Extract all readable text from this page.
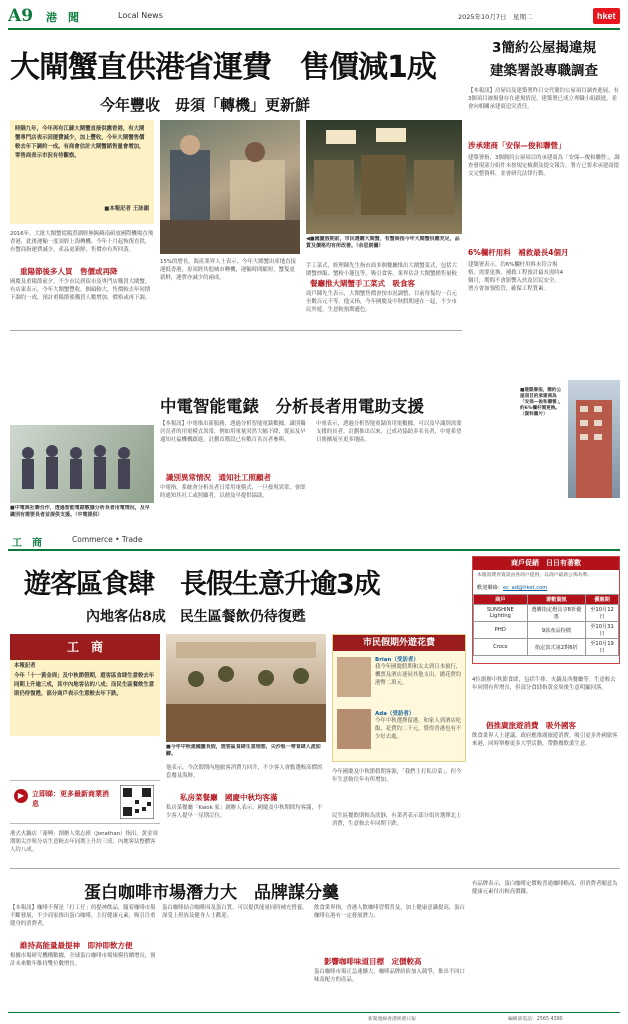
A9 港　聞	Local News	2025年10月7日　星期二	hket
大閘蟹直供港省運費　售價減1成
今年豐收　毋須「轉機」更新鮮
時隔九年，今年再有江蘇大閘蟹直接供應香港，有大閘蟹專門店表示因運費減少，加上豐收，今年大閘蟹售價較去年下調約一成。有商會估計大閘蟹銷售量會增加，零售商表示市況有待觀察。
■本報記者 王詠韻
◀■國慶假期前，市民選購大閘蟹，有蟹商指今年大閘蟹供應充足，品質及價格均有所改善。（余思朗攝）
2016年，大批大閘蟹從陽澄湖經無錫蘇南碩放國際機場直飛香港，此後運輸一度須經上海轉機。今年十月起恢復直供，有蟹商指運費減少，產品更新鮮，售價亦有所回落。
重陽節後多人買　售價或再降
國慶及重陽節前夕，不少市民到街市及專門店購買大閘蟹。有店東表示，今年大閘蟹豐收，個頭較大，售價較去年同期下調約一成，預計重陽節後購買人數增加，價格或再下調。
15%的增長。海產業界人士表示，今年大閘蟹由產地直接運抵香港，毋須經其他城市轉機，運輸時間縮短，蟹隻更新鮮，運費亦減少約兩成。
餐廳推大閘蟹手工菜式　吸食客
手工菜式，經理陳先生指市面多個餐廳推出大閘蟹菜式，包括大閘蟹炒飯、蟹粉小籠包等，吸引食客。業界估計大閘蟹銷售量較
商戶陳先生表示，大閘蟹售價會按市況調整，目前每隻約一百元至數百元不等。他又指，今年國慶及中秋假期連在一起，不少市民外遊，生意較預期遜色。
3簡約公屋揭違規
建築署設專職調查
【本報訊】房屋局及建築署昨日交代簡約公屋項目調查進展，有3個項目被揭發存在違規情況，建築署已成立專職小組跟進，並會向相關承建商追究責任。
涉承建商「安保—俊和聯營」
建築署指，3個簡約公屋項目的承建商為「安保—俊和聯營」，調查發現部分組件未按規定檢測及提交報告。署方已要求承建商提交完整資料，並會研究法律行動。
6%欄杆用料　補救最長4個月
建築署表示，約6%欄杆用料未符合規格，需要更換。補救工程預計最長需時4個月，期間不會影響入伙及居民安全。署方會加強監管，確保工程質素。
■建築署指，簡約公屋項目的承建商為「安保—俊和聯營」，約6%欄杆需更換。（資料圖片）
中電智能電錶　分析長者用電助支援
■中電與社聯合作，透過智能電錶數據分析長者用電情況，及早識別有需要長者並提供支援。（中電提供）
【本報訊】中電推出新服務，透過分析智能電錶數據，識別獨居長者的用電模式異常，例如用電量突然大幅下降，從而及早通知社福機構跟進。計劃首階段已有數百名長者參與。
識別異常情況　通知社工照顧者
中電指，系統會分析長者日常用電模式，一旦發現異常，會即時通知其社工或照顧者，以便及早提供協助。
中電表示，透過分析智能電錶的用電數據，可以及早識別需要支援的長者。計劃推出以來，已成功協助多名長者，中電希望日後擴展至更多地區。
工　商	Commerce • Trade
遊客區食肆　長假生意升逾3成
內地客佔8成　民生區餐飲仍待復甦
工　商
本報記者
今年「十一黃金周」及中秋節假期，遊客區食肆生意較去年同期上升逾三成，其中內地客佔約八成；而民生區餐飲生意則仍待復甦，部分商戶表示生意較去年下跌。
■今年中秋連國慶長假，遊客區食肆生意理想，尖沙咀一帶食肆人流如鯽。
▶	立即睇：更多最新商業消息
港式火鍋店「濠興」創辦人梁志偉（Jonathan）指出，黃金周期間尖沙咀分店生意較去年同期上升約三成，內地客佔整體客人約八成。
他表示，今次假期內地旅客消費力回升，不少客人會點選較高價的套餐及海鮮。
私房菜餐廳　國慶中秋均客滿
私房菜餐廳「Kwok 家」創辦人表示，國慶及中秋期間均客滿，不少客人提早一星期訂位。
市民假期外遊花費
Brian（受訪者）
我今年國慶假期和太太到日本旅行，機票及酒店連同其他支出，總花費約港幣二萬元。
Ada（受訪者）
今年中秋選擇留港，和家人到酒店吃飯，花費約二千元，覺得香港也有不少好去處。
今年國慶及中秋節假期客源，「我們主打私房菜」，但今年生意較往年有所增加。
民生區餐飲則較為淡靜，有業者表示部分街坊選擇北上消費，生意較去年同期下跌。
商戶促銷　日日有著數
本版消費券資訊由各商戶提供，以商戶最新公佈為準。
歡迎聯絡：ec_ad@hket.com
商戶	著數資訊	優惠期
SUNSHINE Lighting	選購指定燈具享8折優惠	至10月12日
PHD	9款產品特價	至10月31日
Crocs	指定款式第2對6折	至10月19日
4位創辦中秋節食肆，包括牛排、火鍋及西餐廳等。生意較去年同期有所增長，但部分食肆指黃金周後生意明顯回落。
倡推廣旅遊消費　吸外國客
飲食業界人士建議，政府應推廣旅遊消費，吸引更多外國旅客來港，同時舉辦更多大型活動，帶動餐飲業生意。
蛋白咖啡市場潛力大　品牌謀分羹
【本報訊】咖啡不僅是「打工仔」的提神飲品，隨着咖啡市場不斷發展，不少商家推出蛋白咖啡，主打健康元素，吸引注重健身的消費者。
維持高能量最提神　即沖即飲方便
根據市場研究機構數據，全球蛋白咖啡市場規模持續增長，預計未來數年維持雙位數增長。
蛋白咖啡結合咖啡因及蛋白質，可以提供能量同時補充營養，深受上班族及健身人士歡迎。
飲食業界指，香港人飲咖啡習慣普及，加上健康意識提高，蛋白咖啡在港有一定發展潛力。
影響咖啡味道目標　定價較高
蛋白咖啡市場正急速擴大，咖啡品牌紛紛加入競爭，推出不同口味及配方的產品。
有品牌表示，蛋白咖啡定價較普通咖啡略高，但消費者願意為健康元素付出較高價錢。
新聞連線香港經濟日報	編輯部電話：2565 4390
